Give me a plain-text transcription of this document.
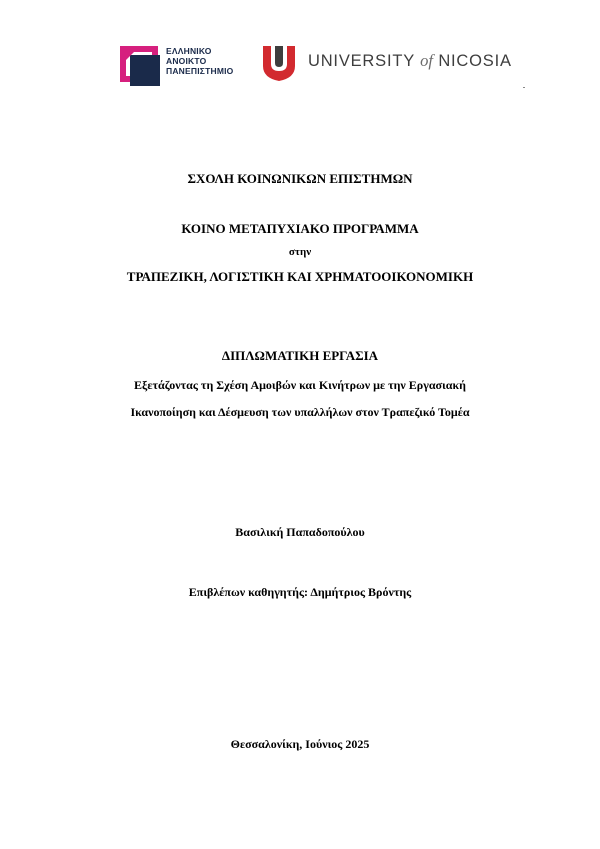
ΕΛΛΗΝΙΚΟ
ΑΝΟΙΚΤΟ
ΠΑΝΕΠΙΣΤΗΜΙΟ
UNIVERSITY of NICOSIA
ΣΧΟΛΗ ΚΟΙΝΩΝΙΚΩΝ ΕΠΙΣΤΗΜΩΝ
ΚΟΙΝΟ ΜΕΤΑΠΥΧΙΑΚΟ ΠΡΟΓΡΑΜΜΑ
στην
ΤΡΑΠΕΖΙΚΗ, ΛΟΓΙΣΤΙΚΗ ΚΑΙ ΧΡΗΜΑΤΟΟΙΚΟΝΟΜΙΚΗ
ΔΙΠΛΩΜΑΤΙΚΗ ΕΡΓΑΣΙΑ
Εξετάζοντας τη Σχέση Αμοιβών και Κινήτρων με την Εργασιακή
Ικανοποίηση και Δέσμευση των υπαλλήλων στον Τραπεζικό Τομέα
Βασιλική Παπαδοπούλου
Επιβλέπων καθηγητής: Δημήτριος Βρόντης
Θεσσαλονίκη, Ιούνιος 2025
